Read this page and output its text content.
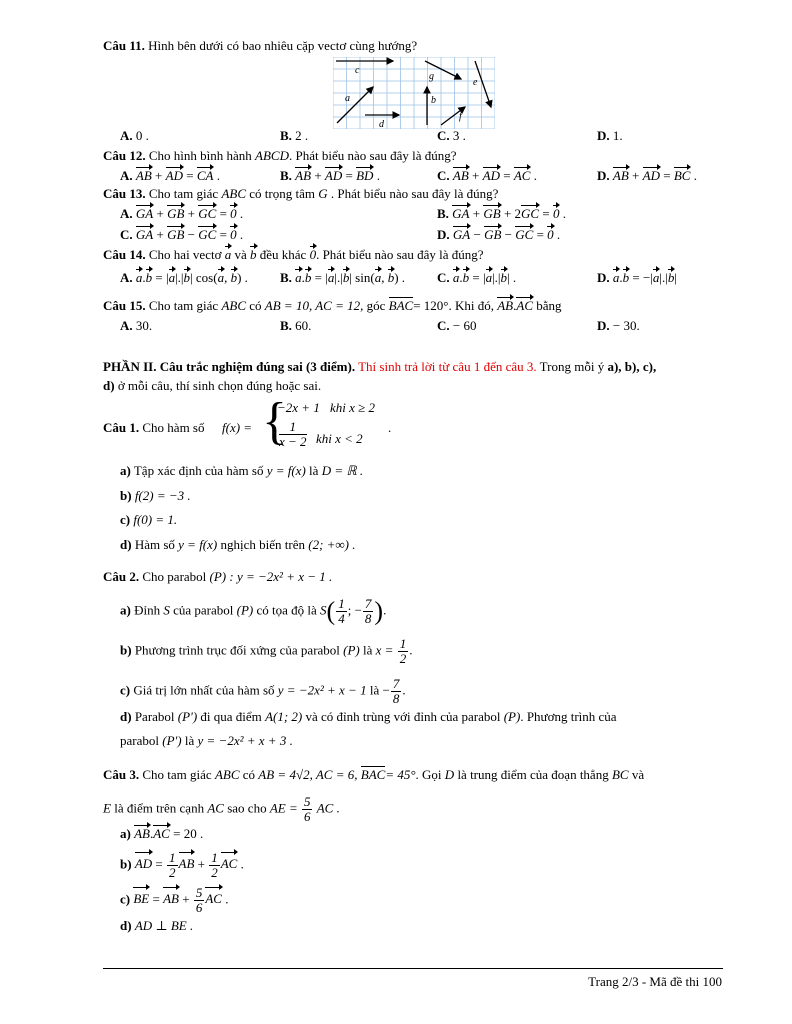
Câu 11. Hình bên dưới có bao nhiêu cặp vectơ cùng hướng?
c
a
d
g
e
b
f
A. 0 .	B. 2 .	C. 3 .	D. 1.
Câu 12. Cho hình bình hành ABCD. Phát biểu nào sau đây là đúng?
A. AB + AD = CA .	B. AB + AD = BD .	C. AB + AD = AC .	D. AB + AD = BC .
Câu 13. Cho tam giác ABC có trọng tâm G . Phát biểu nào sau đây là đúng?
A. GA + GB + GC = 0 .	B. GA + GB + 2GC = 0 .
C. GA + GB − GC = 0 .	D. GA − GB − GC = 0 .
Câu 14. Cho hai vectơ a và b đều khác 0. Phát biểu nào sau đây là đúng?
A. a.b = |a|.|b| cos(a, b) . B. a.b = |a|.|b| sin(a, b) . C. a.b = |a|.|b| .	D. a.b = −|a|.|b|
Câu 15. Cho tam giác ABC có AB = 10, AC = 12, góc BAC= 120°. Khi đó, AB.AC bằng
A. 30.	B. 60.	C. − 60	D. − 30.
PHẦN II. Câu trắc nghiệm đúng sai (3 điểm). Thí sinh trả lời từ câu 1 đến câu 3. Trong mỗi ý a), b), c),
d) ở mỗi câu, thí sinh chọn đúng hoặc sai.
Câu 1. Cho hàm số f(x) = {
−2x + 1 khi x ≥ 2
$\frac{1}{x - 2}$ khi x < 2
.
a) Tập xác định của hàm số y = f(x) là D = ℝ .
b) f(2) = −3 .
c) f(0) = 1.
d) Hàm số y = f(x) nghịch biến trên (2; +∞) .
Câu 2. Cho parabol (P) : y = −2x² + x − 1 .
a) Đỉnh S của parabol (P) có tọa độ là $S( \frac{1}{4}$ ; − $\frac{7}{8}$ ).
b) Phương trình trục đối xứng của parabol (P) là $x = \frac{1}{2}$ .
c) Giá trị lớn nhất của hàm số y = −2x² + x − 1 là − $\frac{7}{8}$ .
d) Parabol (P') đi qua điểm A(1; 2) và có đỉnh trùng với đỉnh của parabol (P). Phương trình của
parabol (P') là y = −2x² + x + 3 .
Câu 3. Cho tam giác ABC có AB = 4√2, AC = 6, BAC= 45°. Gọi D là trung điểm của đoạn thẳng BC và
E là điểm trên cạnh AC sao cho AE = $\frac{5}{6}$ AC .
a) AB.AC = 20 .
b) AD = $\frac{1}{2}$ AB + $\frac{1}{2}$ AC .
c) BE = AB + $\frac{5}{6}$ AC .
d) AD ⊥ BE .
Trang 2/3 - Mã đề thi 100
